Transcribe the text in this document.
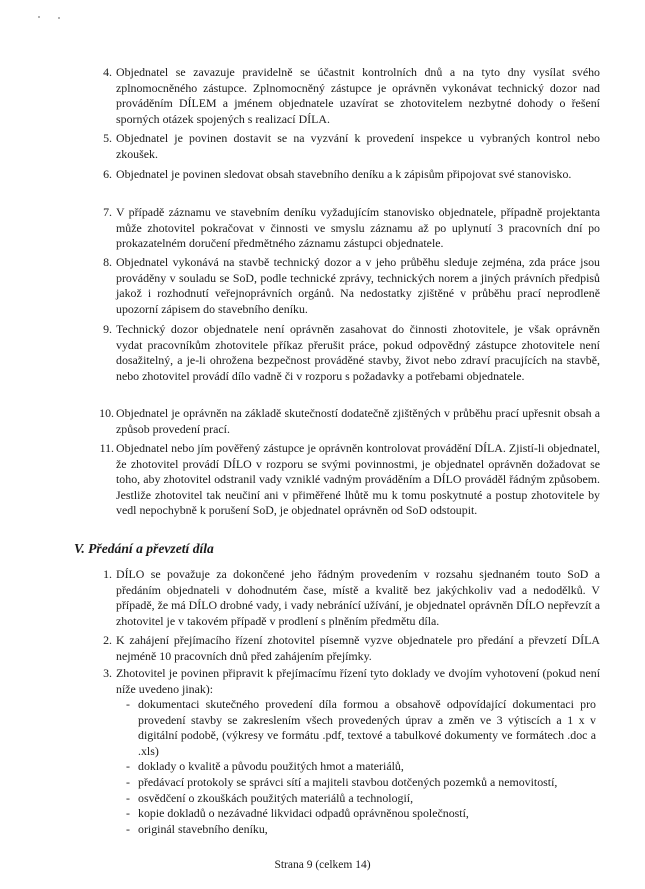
4. Objednatel se zavazuje pravidelně se účastnit kontrolních dnů a na tyto dny vysílat svého zplnomocněného zástupce. Zplnomocněný zástupce je oprávněn vykonávat technický dozor nad prováděním DÍLEM a jménem objednatele uzavírat se zhotovitelem nezbytné dohody o řešení sporných otázek spojených s realizací DÍLA.
5. Objednatel je povinen dostavit se na vyzvání k provedení inspekce u vybraných kontrol nebo zkoušek.
6. Objednatel je povinen sledovat obsah stavebního deníku a k zápisům připojovat své stanovisko.
7. V případě záznamu ve stavebním deníku vyžadujícím stanovisko objednatele, případně projektanta může zhotovitel pokračovat v činnosti ve smyslu záznamu až po uplynutí 3 pracovních dní po prokazatelném doručení předmětného záznamu zástupci objednatele.
8. Objednatel vykonává na stavbě technický dozor a v jeho průběhu sleduje zejména, zda práce jsou prováděny v souladu se SoD, podle technické zprávy, technických norem a jiných právních předpisů jakož i rozhodnutí veřejnoprávních orgánů. Na nedostatky zjištěné v průběhu prací neprodleně upozorní zápisem do stavebního deníku.
9. Technický dozor objednatele není oprávněn zasahovat do činnosti zhotovitele, je však oprávněn vydat pracovníkům zhotovitele příkaz přerušit práce, pokud odpovědný zástupce zhotovitele není dosažitelný, a je-li ohrožena bezpečnost prováděné stavby, život nebo zdraví pracujících na stavbě, nebo zhotovitel provádí dílo vadně či v rozporu s požadavky a potřebami objednatele.
10. Objednatel je oprávněn na základě skutečností dodatečně zjištěných v průběhu prací upřesnit obsah a způsob provedení prací.
11. Objednatel nebo jím pověřený zástupce je oprávněn kontrolovat provádění DÍLA. Zjistí-li objednatel, že zhotovitel provádí DÍLO v rozporu se svými povinnostmi, je objednatel oprávněn dožadovat se toho, aby zhotovitel odstranil vady vzniklé vadným prováděním a DÍLO prováděl řádným způsobem. Jestliže zhotovitel tak neučiní ani v přiměřené lhůtě mu k tomu poskytnuté a postup zhotovitele by vedl nepochybně k porušení SoD, je objednatel oprávněn od SoD odstoupit.
V. Předání a převzetí díla
1. DÍLO se považuje za dokončené jeho řádným provedením v rozsahu sjednaném touto SoD a předáním objednateli v dohodnutém čase, místě a kvalitě bez jakýchkoliv vad a nedodělků. V případě, že má DÍLO drobné vady, i vady nebránící užívání, je objednatel oprávněn DÍLO nepřevzít a zhotovitel je v takovém případě v prodlení s plněním předmětu díla.
2. K zahájení přejímacího řízení zhotovitel písemně vyzve objednatele pro předání a převzetí DÍLA nejméně 10 pracovních dnů před zahájením přejímky.
3. Zhotovitel je povinen připravit k přejímacímu řízení tyto doklady ve dvojím vyhotovení (pokud není níže uvedeno jinak):
- dokumentaci skutečného provedení díla formou a obsahově odpovídající dokumentaci pro provedení stavby se zakreslením všech provedených úprav a změn ve 3 výtiscích a 1 x v digitální podobě, (výkresy ve formátu .pdf, textové a tabulkové dokumenty ve formátech .doc a .xls)
- doklady o kvalitě a původu použitých hmot a materiálů,
- předávací protokoly se správci sítí a majiteli stavbou dotčených pozemků a nemovitostí,
- osvědčení o zkouškách použitých materiálů a technologií,
- kopie dokladů o nezávadné likvidaci odpadů oprávněnou společností,
- originál stavebního deníku,
Strana 9 (celkem 14)
